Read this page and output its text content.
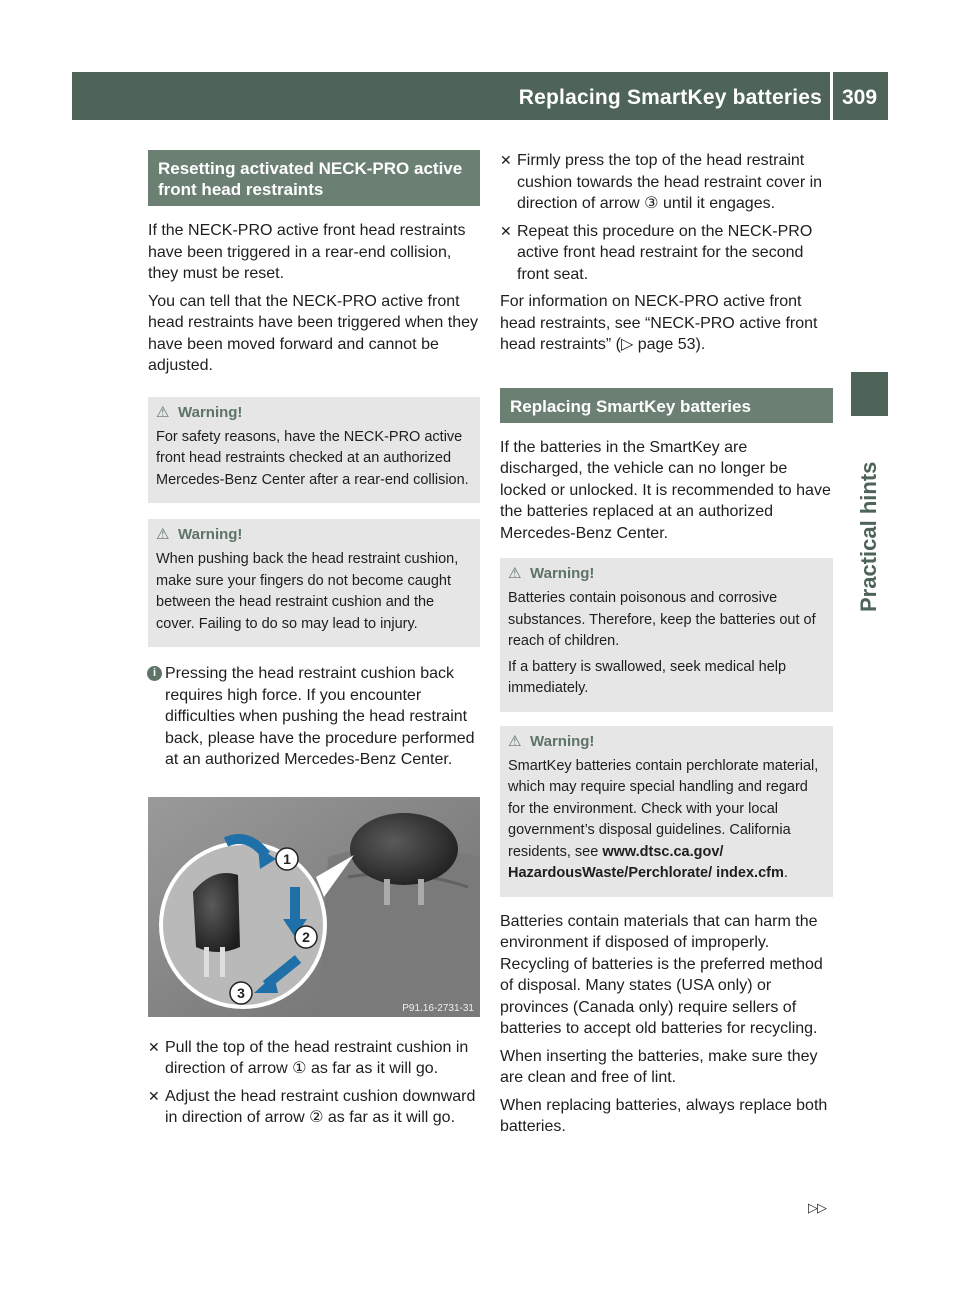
Replacing SmartKey batteries 309
Practical hints
Resetting activated NECK-PRO active front head restraints

If the NECK-PRO active front head restraints have been triggered in a rear-end collision, they must be reset.

You can tell that the NECK-PRO active front head restraints have been triggered when they have been moved forward and cannot be adjusted.

⚠ Warning!

For safety reasons, have the NECK-PRO active front head restraints checked at an authorized Mercedes-Benz Center after a rear-end collision.

⚠ Warning!

When pushing back the head restraint cushion, make sure your fingers do not become caught between the head restraint cushion and the cover. Failing to do so may lead to injury.

i Pressing the head restraint cushion back requires high force. If you encounter difficulties when pushing the head restraint back, please have the procedure performed at an authorized Mercedes-Benz Center.
1
2
3
P91.16-2731-31
✕ Pull the top of the head restraint cushion in direction of arrow ① as far as it will go.
✕ Adjust the head restraint cushion downward in direction of arrow ② as far as it will go.
✕ Firmly press the top of the head restraint cushion towards the head restraint cover in direction of arrow ③ until it engages.
✕ Repeat this procedure on the NECK-PRO active front head restraint for the second front seat.

For information on NECK-PRO active front head restraints, see “NECK-PRO active front head restraints” (▷ page 53).

Replacing SmartKey batteries

If the batteries in the SmartKey are discharged, the vehicle can no longer be locked or unlocked. It is recommended to have the batteries replaced at an authorized Mercedes-Benz Center.

⚠ Warning!

Batteries contain poisonous and corrosive substances. Therefore, keep the batteries out of reach of children.

If a battery is swallowed, seek medical help immediately.

⚠ Warning!

SmartKey batteries contain perchlorate material, which may require special handling and regard for the environment. Check with your local government’s disposal guidelines. California residents, see www.dtsc.ca.gov/ HazardousWaste/Perchlorate/ index.cfm.

Batteries contain materials that can harm the environment if disposed of improperly. Recycling of batteries is the preferred method of disposal. Many states (USA only) or provinces (Canada only) require sellers of batteries to accept old batteries for recycling.

When inserting the batteries, make sure they are clean and free of lint.

When replacing batteries, always replace both batteries.

▷▷
